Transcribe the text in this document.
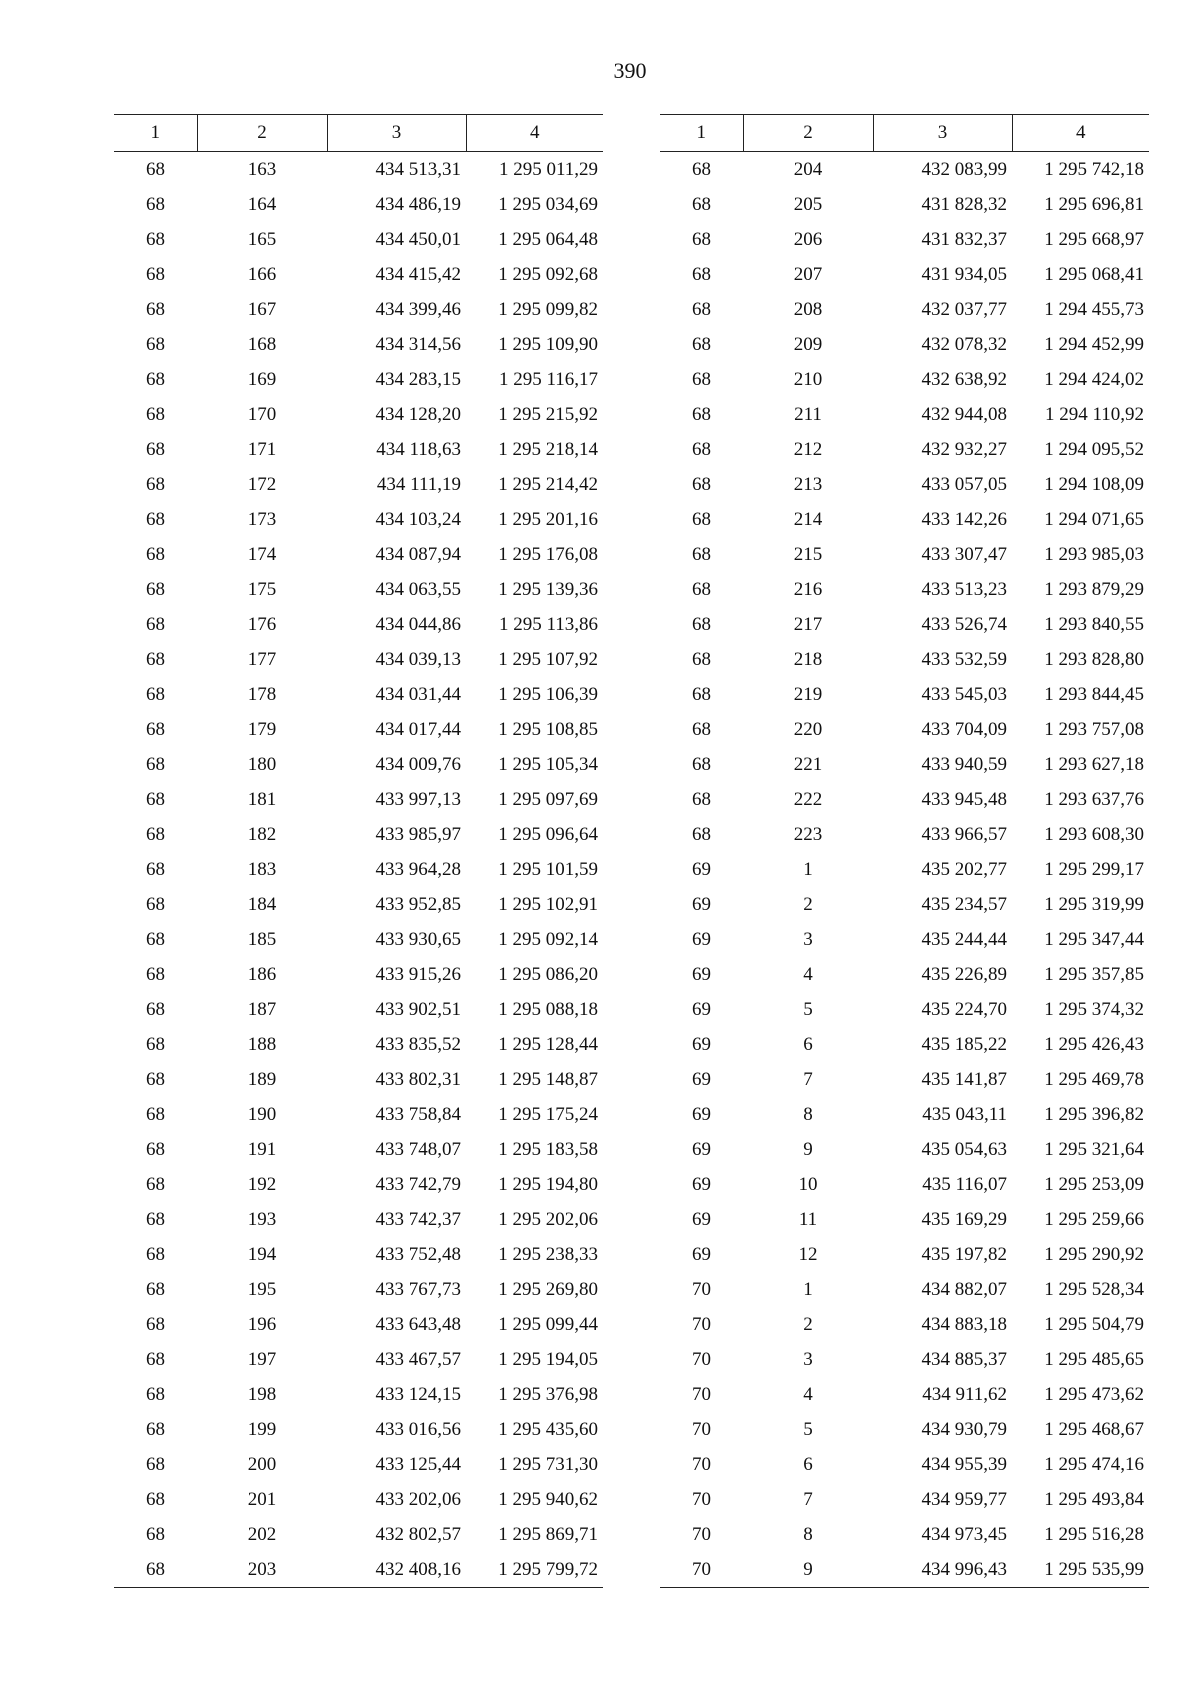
390
1	2	3	4
68	163	434 513,31	1 295 011,29
68	164	434 486,19	1 295 034,69
68	165	434 450,01	1 295 064,48
68	166	434 415,42	1 295 092,68
68	167	434 399,46	1 295 099,82
68	168	434 314,56	1 295 109,90
68	169	434 283,15	1 295 116,17
68	170	434 128,20	1 295 215,92
68	171	434 118,63	1 295 218,14
68	172	434 111,19	1 295 214,42
68	173	434 103,24	1 295 201,16
68	174	434 087,94	1 295 176,08
68	175	434 063,55	1 295 139,36
68	176	434 044,86	1 295 113,86
68	177	434 039,13	1 295 107,92
68	178	434 031,44	1 295 106,39
68	179	434 017,44	1 295 108,85
68	180	434 009,76	1 295 105,34
68	181	433 997,13	1 295 097,69
68	182	433 985,97	1 295 096,64
68	183	433 964,28	1 295 101,59
68	184	433 952,85	1 295 102,91
68	185	433 930,65	1 295 092,14
68	186	433 915,26	1 295 086,20
68	187	433 902,51	1 295 088,18
68	188	433 835,52	1 295 128,44
68	189	433 802,31	1 295 148,87
68	190	433 758,84	1 295 175,24
68	191	433 748,07	1 295 183,58
68	192	433 742,79	1 295 194,80
68	193	433 742,37	1 295 202,06
68	194	433 752,48	1 295 238,33
68	195	433 767,73	1 295 269,80
68	196	433 643,48	1 295 099,44
68	197	433 467,57	1 295 194,05
68	198	433 124,15	1 295 376,98
68	199	433 016,56	1 295 435,60
68	200	433 125,44	1 295 731,30
68	201	433 202,06	1 295 940,62
68	202	432 802,57	1 295 869,71
68	203	432 408,16	1 295 799,72
1	2	3	4
68	204	432 083,99	1 295 742,18
68	205	431 828,32	1 295 696,81
68	206	431 832,37	1 295 668,97
68	207	431 934,05	1 295 068,41
68	208	432 037,77	1 294 455,73
68	209	432 078,32	1 294 452,99
68	210	432 638,92	1 294 424,02
68	211	432 944,08	1 294 110,92
68	212	432 932,27	1 294 095,52
68	213	433 057,05	1 294 108,09
68	214	433 142,26	1 294 071,65
68	215	433 307,47	1 293 985,03
68	216	433 513,23	1 293 879,29
68	217	433 526,74	1 293 840,55
68	218	433 532,59	1 293 828,80
68	219	433 545,03	1 293 844,45
68	220	433 704,09	1 293 757,08
68	221	433 940,59	1 293 627,18
68	222	433 945,48	1 293 637,76
68	223	433 966,57	1 293 608,30
69	1	435 202,77	1 295 299,17
69	2	435 234,57	1 295 319,99
69	3	435 244,44	1 295 347,44
69	4	435 226,89	1 295 357,85
69	5	435 224,70	1 295 374,32
69	6	435 185,22	1 295 426,43
69	7	435 141,87	1 295 469,78
69	8	435 043,11	1 295 396,82
69	9	435 054,63	1 295 321,64
69	10	435 116,07	1 295 253,09
69	11	435 169,29	1 295 259,66
69	12	435 197,82	1 295 290,92
70	1	434 882,07	1 295 528,34
70	2	434 883,18	1 295 504,79
70	3	434 885,37	1 295 485,65
70	4	434 911,62	1 295 473,62
70	5	434 930,79	1 295 468,67
70	6	434 955,39	1 295 474,16
70	7	434 959,77	1 295 493,84
70	8	434 973,45	1 295 516,28
70	9	434 996,43	1 295 535,99
